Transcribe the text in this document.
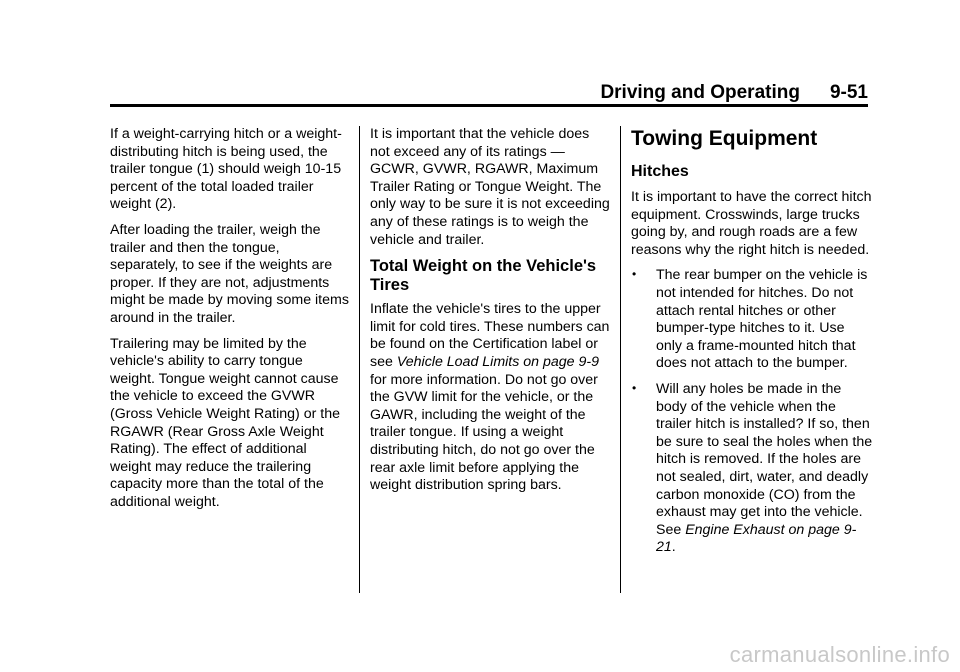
Driving and Operating 9-51

If a weight-carrying hitch or a weight-distributing hitch is being used, the trailer tongue (1) should weigh 10-15 percent of the total loaded trailer weight (2).

After loading the trailer, weigh the trailer and then the tongue, separately, to see if the weights are proper. If they are not, adjustments might be made by moving some items around in the trailer.

Trailering may be limited by the vehicle's ability to carry tongue weight. Tongue weight cannot cause the vehicle to exceed the GVWR (Gross Vehicle Weight Rating) or the RGAWR (Rear Gross Axle Weight Rating). The effect of additional weight may reduce the trailering capacity more than the total of the additional weight.

It is important that the vehicle does not exceed any of its ratings — GCWR, GVWR, RGAWR, Maximum Trailer Rating or Tongue Weight. The only way to be sure it is not exceeding any of these ratings is to weigh the vehicle and trailer.

Total Weight on the Vehicle's Tires

Inflate the vehicle's tires to the upper limit for cold tires. These numbers can be found on the Certification label or see Vehicle Load Limits on page 9-9 for more information. Do not go over the GVW limit for the vehicle, or the GAWR, including the weight of the trailer tongue. If using a weight distributing hitch, do not go over the rear axle limit before applying the weight distribution spring bars.

Towing Equipment
Hitches

It is important to have the correct hitch equipment. Crosswinds, large trucks going by, and rough roads are a few reasons why the right hitch is needed.

• The rear bumper on the vehicle is not intended for hitches. Do not attach rental hitches or other bumper-type hitches to it. Use only a frame-mounted hitch that does not attach to the bumper.
• Will any holes be made in the body of the vehicle when the trailer hitch is installed? If so, then be sure to seal the holes when the hitch is removed. If the holes are not sealed, dirt, water, and deadly carbon monoxide (CO) from the exhaust may get into the vehicle. See Engine Exhaust on page 9-21.
carmanualsonline.info
